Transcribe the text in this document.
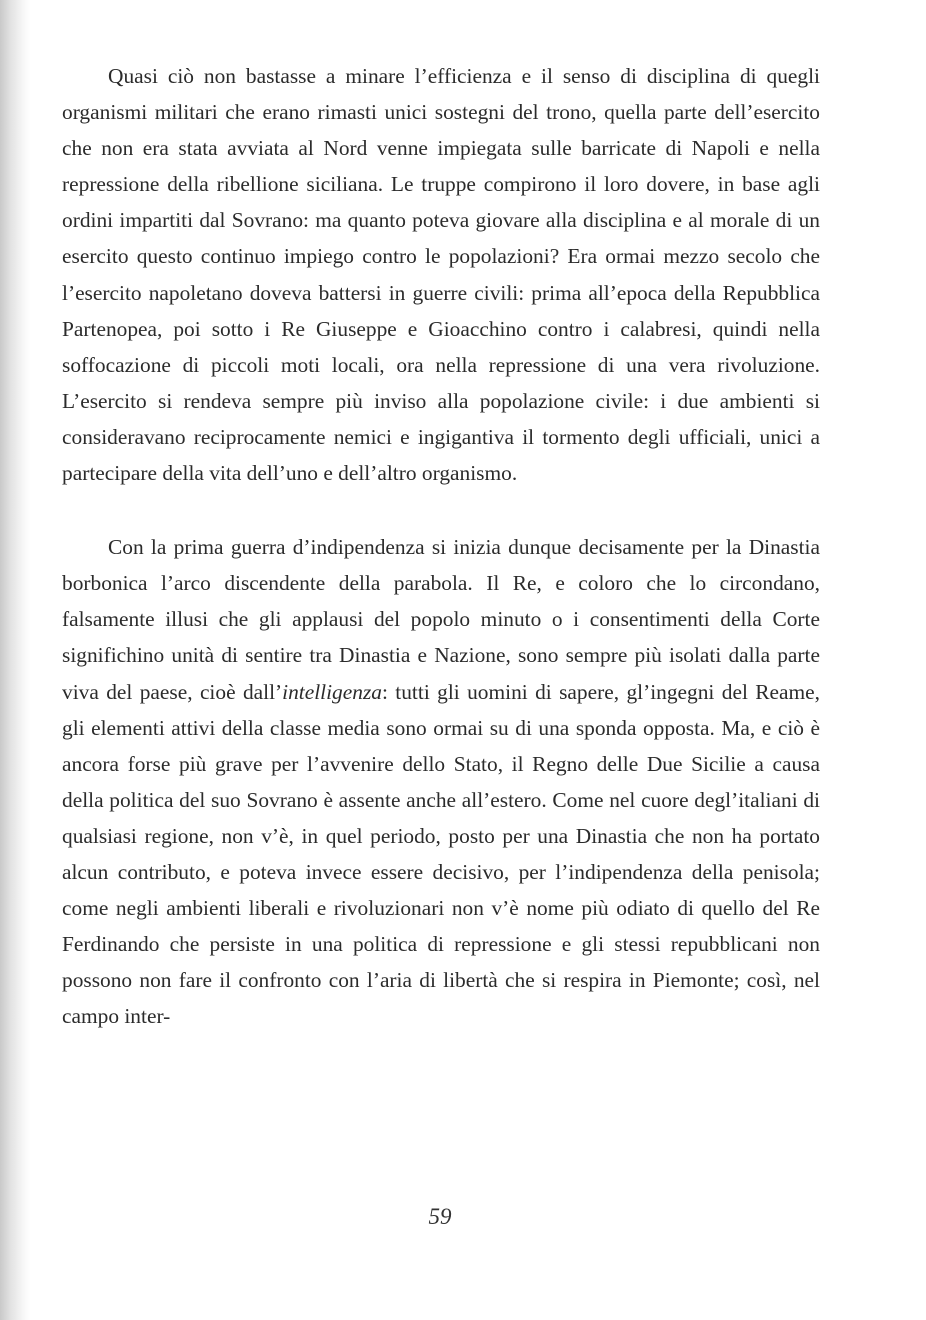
Quasi ciò non bastasse a minare l’efficienza e il senso di disciplina di quegli organismi militari che erano rimasti unici sostegni del trono, quella parte dell’esercito che non era stata avviata al Nord venne impiegata sulle barricate di Napoli e nella repressione della ribellione siciliana. Le truppe compirono il loro dovere, in base agli ordini impartiti dal Sovrano: ma quanto poteva giovare alla disciplina e al morale di un esercito questo continuo impiego contro le popolazioni? Era ormai mezzo secolo che l’esercito napoletano doveva battersi in guerre civili: prima all’epoca della Repubblica Partenopea, poi sotto i Re Giuseppe e Gioacchino contro i calabresi, quindi nella soffocazione di piccoli moti locali, ora nella repressione di una vera rivoluzione. L’esercito si rendeva sempre più inviso alla popolazione civile: i due ambienti si consideravano reciprocamente nemici e ingigantiva il tormento degli ufficiali, unici a partecipare della vita dell’uno e dell’altro organismo.

Con la prima guerra d’indipendenza si inizia dunque decisamente per la Dinastia borbonica l’arco discendente della parabola. Il Re, e coloro che lo circondano, falsamente illusi che gli applausi del popolo minuto o i consentimenti della Corte significhino unità di sentire tra Dinastia e Nazione, sono sempre più isolati dalla parte viva del paese, cioè dall’intelligenza: tutti gli uomini di sapere, gl’ingegni del Reame, gli elementi attivi della classe media sono ormai su di una sponda opposta. Ma, e ciò è ancora forse più grave per l’avvenire dello Stato, il Regno delle Due Sicilie a causa della politica del suo Sovrano è assente anche all’estero. Come nel cuore degl’italiani di qualsiasi regione, non v’è, in quel periodo, posto per una Dinastia che non ha portato alcun contributo, e poteva invece essere decisivo, per l’indipendenza della penisola; come negli ambienti liberali e rivoluzionari non v’è nome più odiato di quello del Re Ferdinando che persiste in una politica di repressione e gli stessi repubblicani non possono non fare il confronto con l’aria di libertà che si respira in Piemonte; così, nel campo inter-

59
